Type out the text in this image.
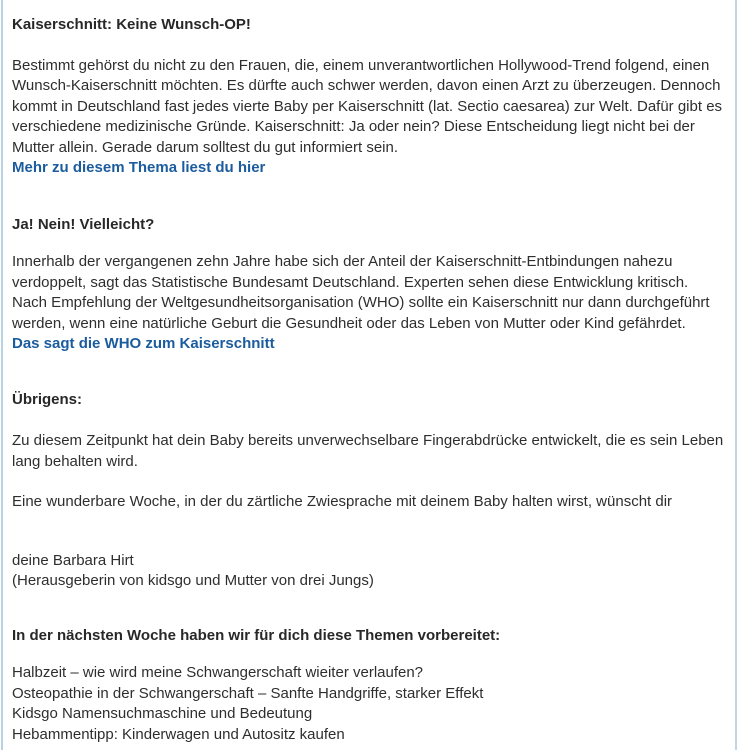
Kaiserschnitt: Keine Wunsch-OP!
Bestimmt gehörst du nicht zu den Frauen, die, einem unverantwortlichen Hollywood-Trend folgend, einen Wunsch-Kaiserschnitt möchten. Es dürfte auch schwer werden, davon einen Arzt zu überzeugen. Dennoch kommt in Deutschland fast jedes vierte Baby per Kaiserschnitt (lat. Sectio caesarea) zur Welt. Dafür gibt es verschiedene medizinische Gründe. Kaiserschnitt: Ja oder nein? Diese Entscheidung liegt nicht bei der Mutter allein. Gerade darum solltest du gut informiert sein.
Mehr zu diesem Thema liest du hier
Ja! Nein! Vielleicht?
Innerhalb der vergangenen zehn Jahre habe sich der Anteil der Kaiserschnitt-Entbindungen nahezu verdoppelt, sagt das Statistische Bundesamt Deutschland. Experten sehen diese Entwicklung kritisch. Nach Empfehlung der Weltgesundheitsorganisation (WHO) sollte ein Kaiserschnitt nur dann durchgeführt werden, wenn eine natürliche Geburt die Gesundheit oder das Leben von Mutter oder Kind gefährdet.
Das sagt die WHO zum Kaiserschnitt
Übrigens:
Zu diesem Zeitpunkt hat dein Baby bereits unverwechselbare Fingerabdrücke entwickelt, die es sein Leben lang behalten wird.
Eine wunderbare Woche, in der du zärtliche Zwiesprache mit deinem Baby halten wirst, wünscht dir
deine Barbara Hirt
(Herausgeberin von kidsgo und Mutter von drei Jungs)
In der nächsten Woche haben wir für dich diese Themen vorbereitet:
Halbzeit – wie wird meine Schwangerschaft wieiter verlaufen?
Osteopathie in der Schwangerschaft – Sanfte Handgriffe, starker Effekt
Kidsgo Namensuchmaschine und Bedeutung
Hebammentipp: Kinderwagen und Autositz kaufen
